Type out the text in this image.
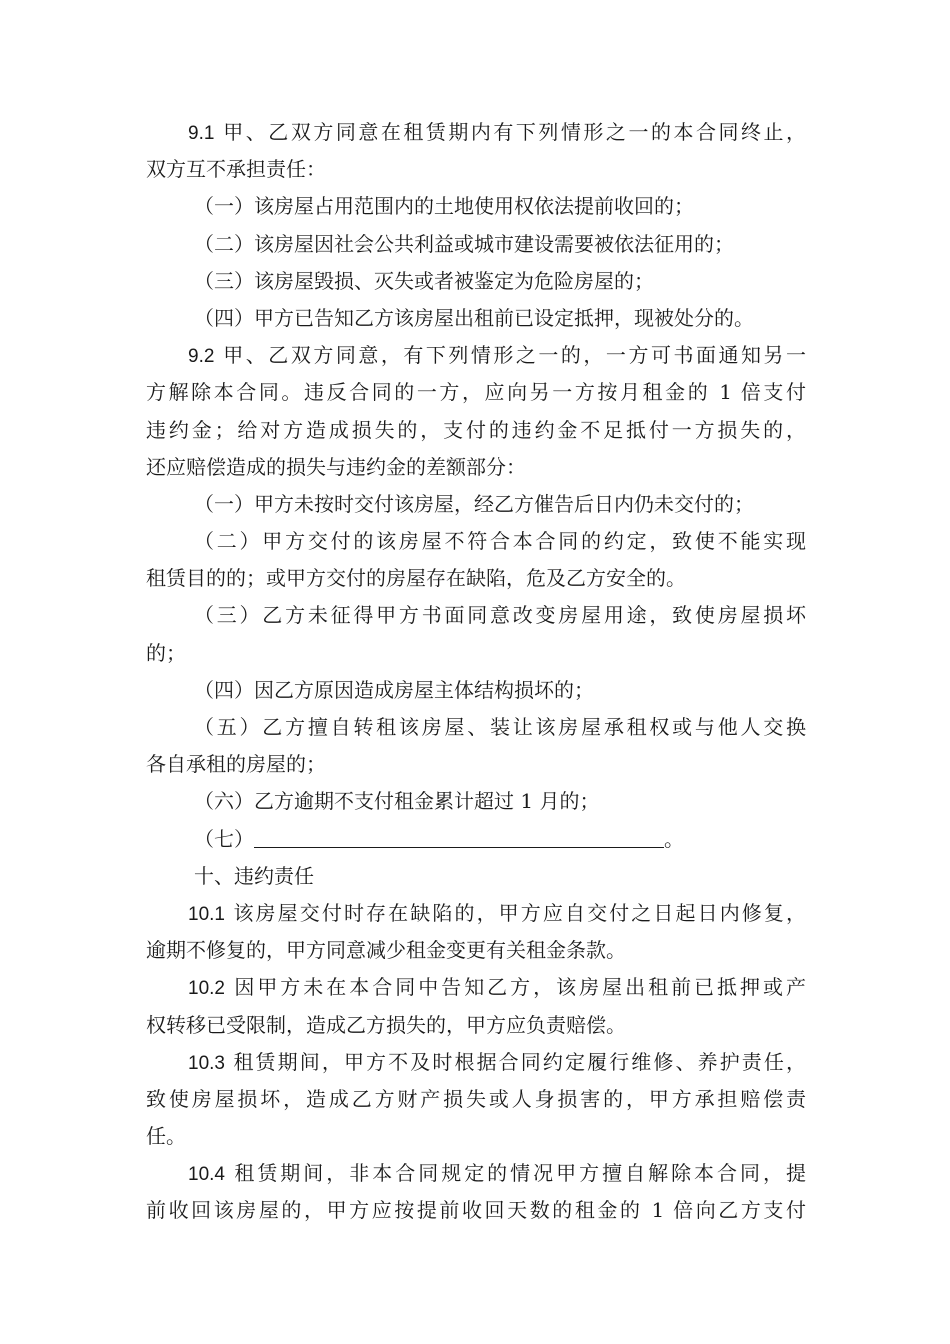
9.1 甲、乙双方同意在租赁期内有下列情形之一的本合同终止，
双方互不承担责任：
（一）该房屋占用范围内的土地使用权依法提前收回的；
（二）该房屋因社会公共利益或城市建设需要被依法征用的；
（三）该房屋毁损、灭失或者被鉴定为危险房屋的；
（四）甲方已告知乙方该房屋出租前已设定抵押，现被处分的。
9.2 甲、乙双方同意，有下列情形之一的，一方可书面通知另一
方解除本合同。违反合同的一方，应向另一方按月租金的 1 倍支付
违约金；给对方造成损失的，支付的违约金不足抵付一方损失的，
还应赔偿造成的损失与违约金的差额部分：
（一）甲方未按时交付该房屋，经乙方催告后日内仍未交付的；
（二）甲方交付的该房屋不符合本合同的约定，致使不能实现
租赁目的的；或甲方交付的房屋存在缺陷，危及乙方安全的。
（三）乙方未征得甲方书面同意改变房屋用途，致使房屋损坏
的；
（四）因乙方原因造成房屋主体结构损坏的；
（五）乙方擅自转租该房屋、装让该房屋承租权或与他人交换
各自承租的房屋的；
（六）乙方逾期不支付租金累计超过 1 月的；
（七）	。
十、违约责任
10.1 该房屋交付时存在缺陷的，甲方应自交付之日起日内修复，
逾期不修复的，甲方同意减少租金变更有关租金条款。
10.2 因甲方未在本合同中告知乙方，该房屋出租前已抵押或产
权转移已受限制，造成乙方损失的，甲方应负责赔偿。
10.3 租赁期间，甲方不及时根据合同约定履行维修、养护责任，
致使房屋损坏，造成乙方财产损失或人身损害的，甲方承担赔偿责
任。
10.4 租赁期间，非本合同规定的情况甲方擅自解除本合同，提
前收回该房屋的，甲方应按提前收回天数的租金的 1 倍向乙方支付
